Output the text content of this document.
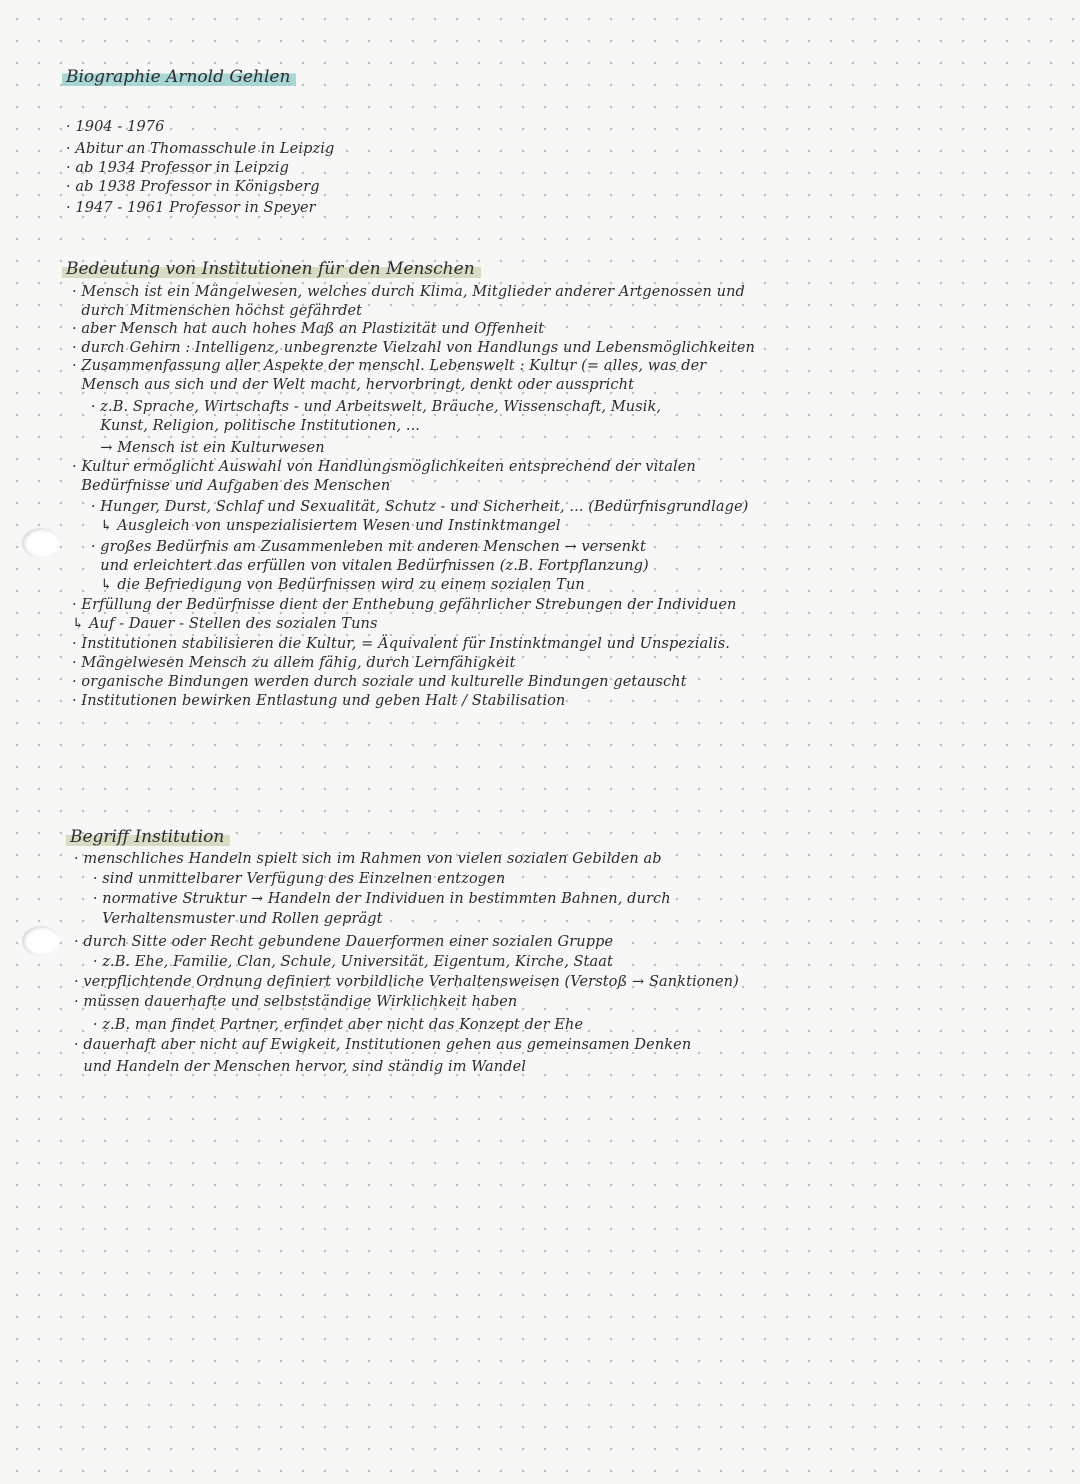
Biographie Arnold Gehlen
· 1904 - 1976
· Abitur an Thomasschule in Leipzig
· ab 1934 Professor in Leipzig
· ab 1938 Professor in Königsberg
· 1947 - 1961 Professor in Speyer
Bedeutung von Institutionen für den Menschen
· Mensch ist ein Mängelwesen, welches durch Klima, Mitglieder anderer Artgenossen und
durch Mitmenschen höchst gefährdet
· aber Mensch hat auch hohes Maß an Plastizität und Offenheit
· durch Gehirn : Intelligenz, unbegrenzte Vielzahl von Handlungs und Lebensmöglichkeiten
· Zusammenfassung aller Aspekte der menschl. Lebenswelt : Kultur (= alles, was der
Mensch aus sich und der Welt macht, hervorbringt, denkt oder ausspricht
· z.B. Sprache, Wirtschafts - und Arbeitswelt, Bräuche, Wissenschaft, Musik,
Kunst, Religion, politische Institutionen, ...
→ Mensch ist ein Kulturwesen
· Kultur ermöglicht Auswahl von Handlungsmöglichkeiten entsprechend der vitalen
Bedürfnisse und Aufgaben des Menschen
· Hunger, Durst, Schlaf und Sexualität, Schutz - und Sicherheit, ... (Bedürfnisgrundlage)
↳ Ausgleich von unspezialisiertem Wesen und Instinktmangel
· großes Bedürfnis am Zusammenleben mit anderen Menschen → versenkt
und erleichtert das erfüllen von vitalen Bedürfnissen (z.B. Fortpflanzung)
↳ die Befriedigung von Bedürfnissen wird zu einem sozialen Tun
· Erfüllung der Bedürfnisse dient der Enthebung gefährlicher Strebungen der Individuen
↳ Auf - Dauer - Stellen des sozialen Tuns
· Institutionen stabilisieren die Kultur, = Äquivalent für Instinktmangel und Unspezialis.
· Mängelwesen Mensch zu allem fähig, durch Lernfähigkeit
· organische Bindungen werden durch soziale und kulturelle Bindungen getauscht
· Institutionen bewirken Entlastung und geben Halt / Stabilisation
Begriff Institution
· menschliches Handeln spielt sich im Rahmen von vielen sozialen Gebilden ab
· sind unmittelbarer Verfügung des Einzelnen entzogen
· normative Struktur → Handeln der Individuen in bestimmten Bahnen, durch
Verhaltensmuster und Rollen geprägt
· durch Sitte oder Recht gebundene Dauerformen einer sozialen Gruppe
· z.B. Ehe, Familie, Clan, Schule, Universität, Eigentum, Kirche, Staat
· verpflichtende Ordnung definiert vorbildliche Verhaltensweisen (Verstoß → Sanktionen)
· müssen dauerhafte und selbstständige Wirklichkeit haben
· z.B. man findet Partner, erfindet aber nicht das Konzept der Ehe
· dauerhaft aber nicht auf Ewigkeit, Institutionen gehen aus gemeinsamen Denken
und Handeln der Menschen hervor, sind ständig im Wandel
